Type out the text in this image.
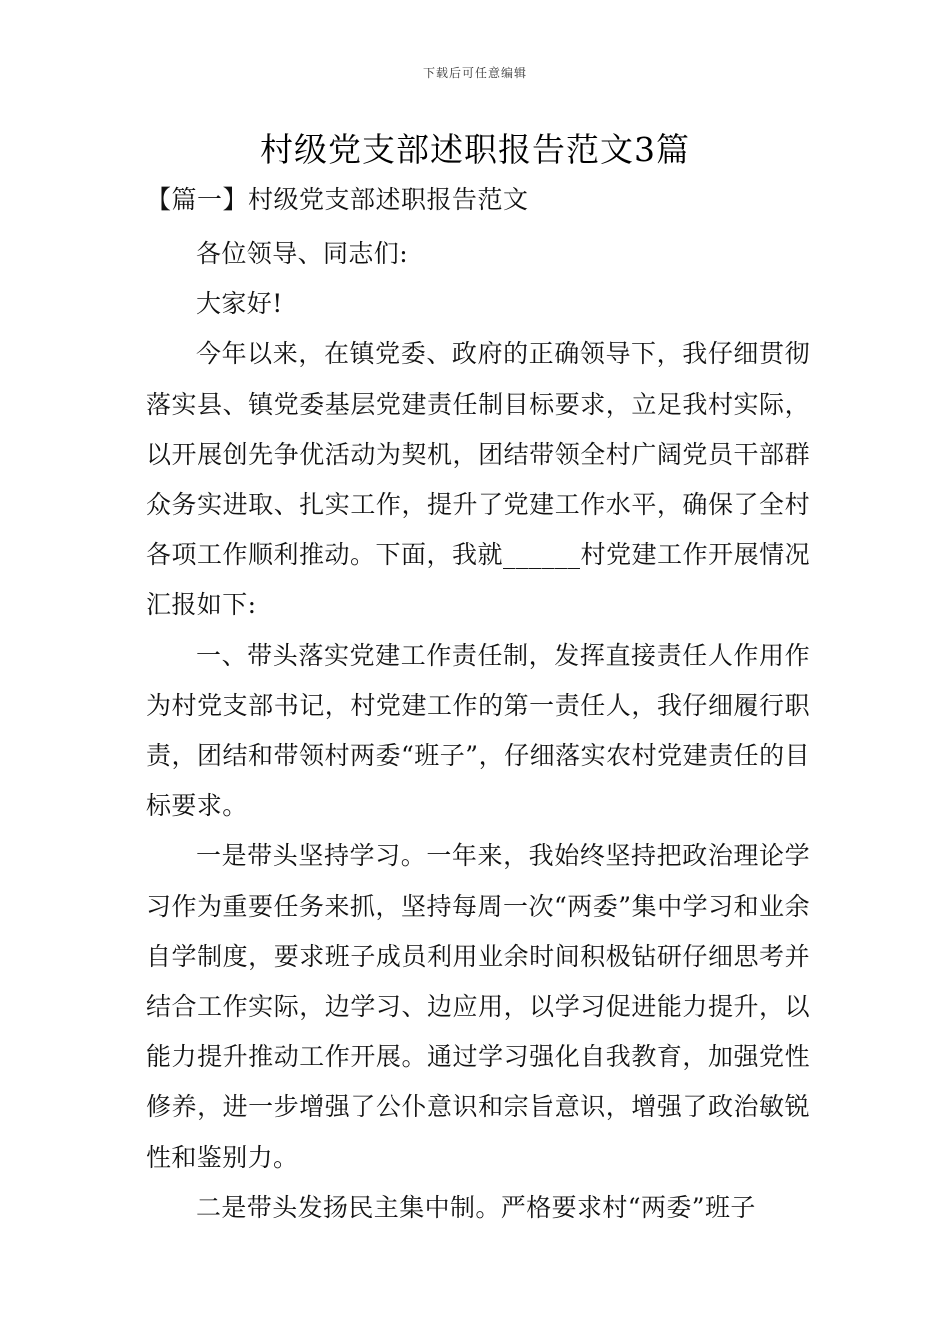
下载后可任意编辑
村级党支部述职报告范文3篇
【篇一】村级党支部述职报告范文

各位领导、同志们:

大家好!

今年以来，在镇党委、政府的正确领导下，我仔细贯彻落实县、镇党委基层党建责任制目标要求，立足我村实际，以开展创先争优活动为契机，团结带领全村广阔党员干部群众务实进取、扎实工作，提升了党建工作水平，确保了全村各项工作顺利推动。下面，我就______村党建工作开展情况汇报如下:

一、带头落实党建工作责任制，发挥直接责任人作用作为村党支部书记，村党建工作的第一责任人，我仔细履行职责，团结和带领村两委“班子”，仔细落实农村党建责任的目标要求。

一是带头坚持学习。一年来，我始终坚持把政治理论学习作为重要任务来抓，坚持每周一次“两委”集中学习和业余自学制度，要求班子成员利用业余时间积极钻研仔细思考并结合工作实际，边学习、边应用，以学习促进能力提升，以能力提升推动工作开展。通过学习强化自我教育，加强党性修养，进一步增强了公仆意识和宗旨意识，增强了政治敏锐性和鉴别力。

二是带头发扬民主集中制。严格要求村“两委”班子
